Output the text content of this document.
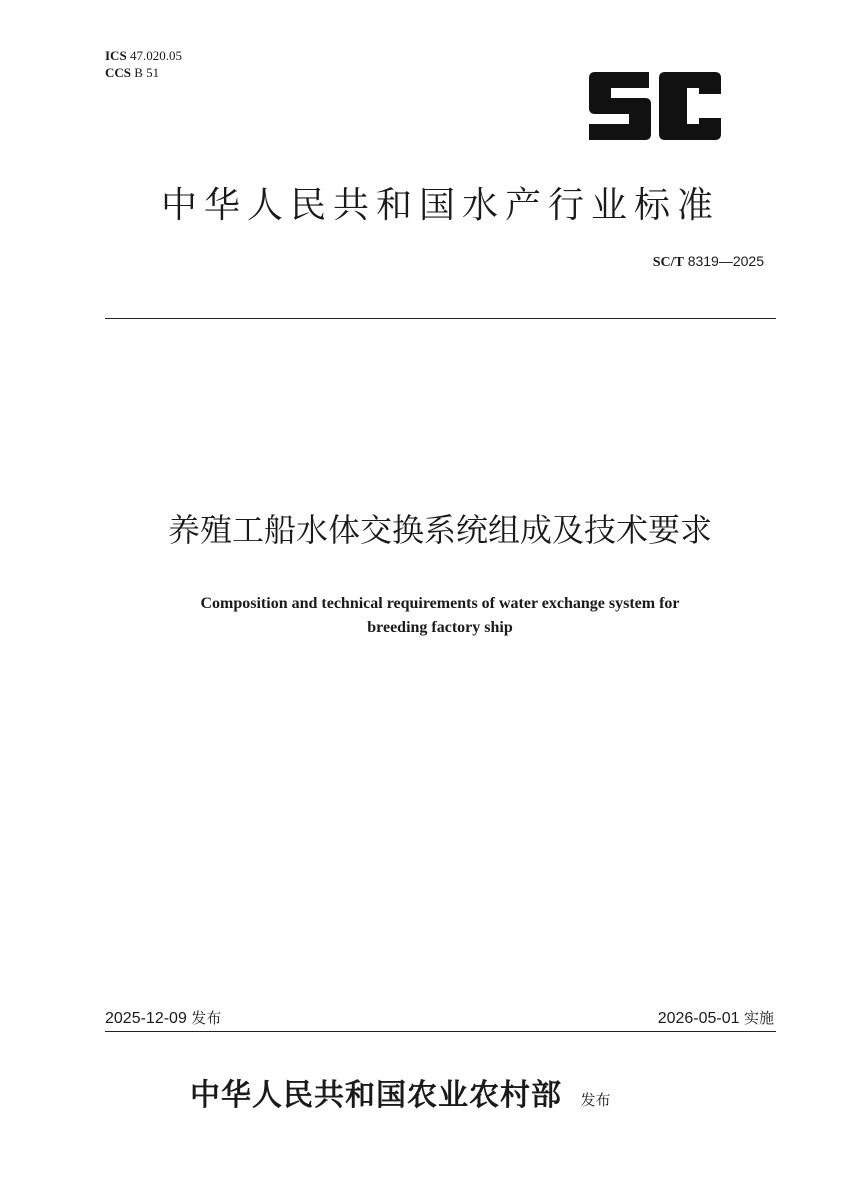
ICS 47.020.05
CCS B 51
中华人民共和国水产行业标准
SC/T 8319—2025
养殖工船水体交换系统组成及技术要求
Composition and technical requirements of water exchange system for
breeding factory ship
2025-12-09 发布	2026-05-01 实施
中华人民共和国农业农村部 发布
